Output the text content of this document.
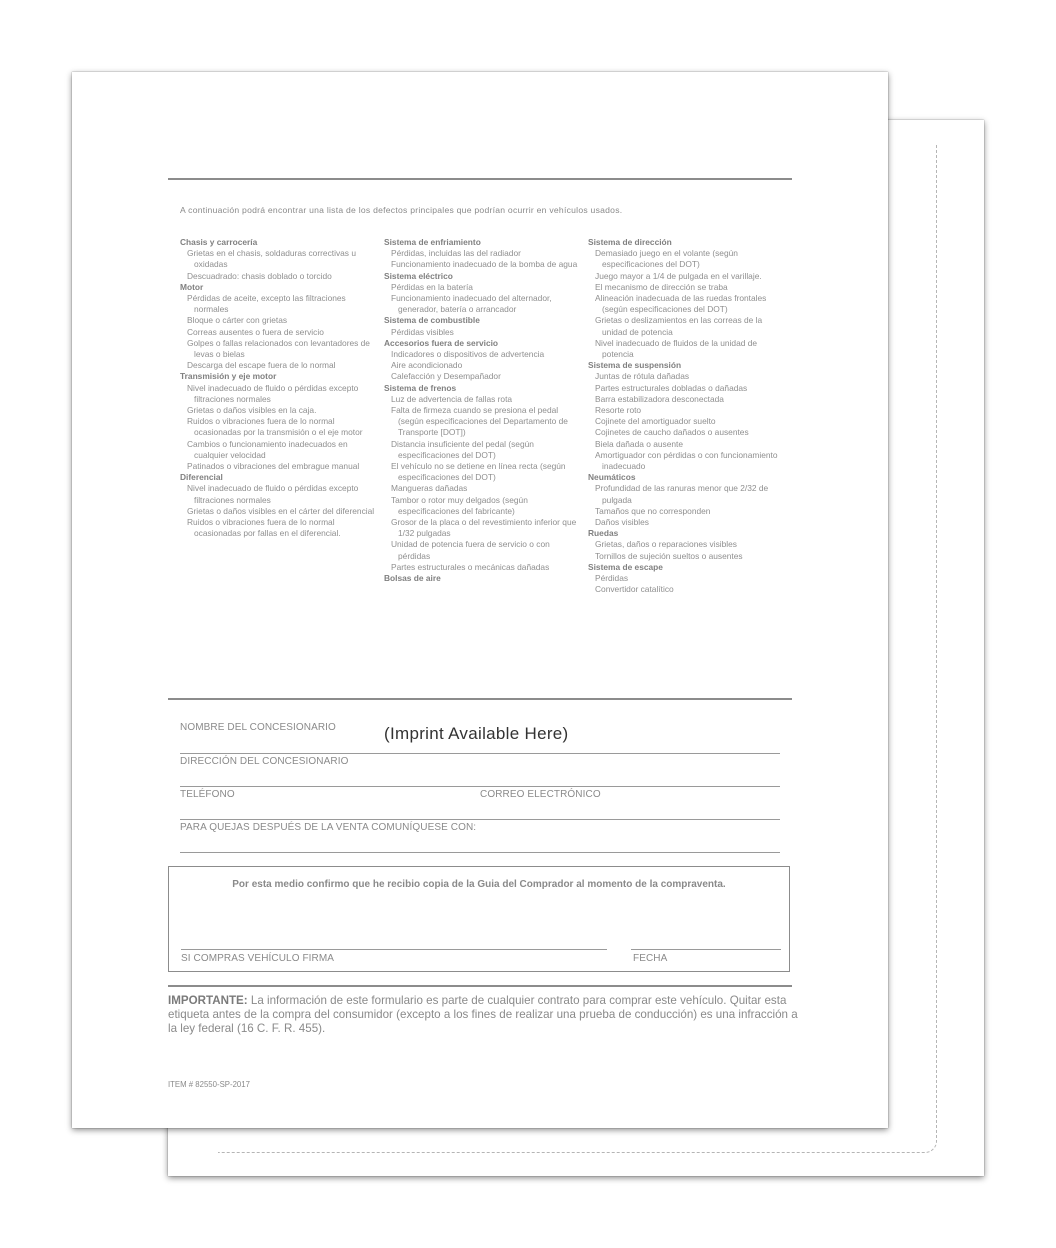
A continuación podrá encontrar una lista de los defectos principales que podrían ocurrir en vehículos usados.
Chasis y carrocería
Grietas en el chasis, soldaduras correctivas u oxidadas
Descuadrado: chasis doblado o torcido
Motor
Pérdidas de aceite, excepto las filtraciones normales
Bloque o cárter con grietas
Correas ausentes o fuera de servicio
Golpes o fallas relacionados con levantadores de levas o bielas
Descarga del escape fuera de lo normal
Transmisión y eje motor
Nivel inadecuado de fluido o pérdidas excepto filtraciones normales
Grietas o daños visibles en la caja.
Ruidos o vibraciones fuera de lo normal ocasionadas por la transmisión o el eje motor
Cambios o funcionamiento inadecuados en cualquier velocidad
Patinados o vibraciones del embrague manual
Diferencial
Nivel inadecuado de fluido o pérdidas excepto filtraciones normales
Grietas o daños visibles en el cárter del diferencial
Ruidos o vibraciones fuera de lo normal ocasionadas por fallas en el diferencial.
Sistema de enfriamiento
Pérdidas, incluidas las del radiador
Funcionamiento inadecuado de la bomba de agua
Sistema eléctrico
Pérdidas en la batería
Funcionamiento inadecuado del alternador, generador, batería o arrancador
Sistema de combustible
Pérdidas visibles
Accesorios fuera de servicio
Indicadores o dispositivos de advertencia
Aire acondicionado
Calefacción y Desempañador
Sistema de frenos
Luz de advertencia de fallas rota
Falta de firmeza cuando se presiona el pedal (según especificaciones del Departamento de Transporte [DOT])
Distancia insuficiente del pedal (según especificaciones del DOT)
El vehículo no se detiene en línea recta (según especificaciones del DOT)
Mangueras dañadas
Tambor o rotor muy delgados (según especificaciones del fabricante)
Grosor de la placa o del revestimiento inferior que 1/32 pulgadas
Unidad de potencia fuera de servicio o con pérdidas
Partes estructurales o mecánicas dañadas
Bolsas de aire
Sistema de dirección
Demasiado juego en el volante (según especificaciones del DOT)
Juego mayor a 1/4 de pulgada en el varillaje.
El mecanismo de dirección se traba
Alineación inadecuada de las ruedas frontales (según especificaciones del DOT)
Grietas o deslizamientos en las correas de la unidad de potencia
Nivel inadecuado de fluidos de la unidad de potencia
Sistema de suspensión
Juntas de rótula dañadas
Partes estructurales dobladas o dañadas
Barra estabilizadora desconectada
Resorte roto
Cojinete del amortiguador suelto
Cojinetes de caucho dañados o ausentes
Biela dañada o ausente
Amortiguador con pérdidas o con funcionamiento inadecuado
Neumáticos
Profundidad de las ranuras menor que 2/32 de pulgada
Tamaños que no corresponden
Daños visibles
Ruedas
Grietas, daños o reparaciones visibles
Tornillos de sujeción sueltos o ausentes
Sistema de escape
Pérdidas
Convertidor catalítico
NOMBRE DEL CONCESIONARIO	(Imprint Available Here)
DIRECCIÓN DEL CONCESIONARIO
TELÉFONO	CORREO ELECTRÓNICO
PARA QUEJAS DESPUÉS DE LA VENTA COMUNÍQUESE CON:
Por esta medio confirmo que he recibio copia de la Guia del Comprador al momento de la compraventa.
SI COMPRAS VEHÍCULO FIRMA	FECHA
IMPORTANTE: La información de este formulario es parte de cualquier contrato para comprar este vehículo. Quitar esta etiqueta antes de la compra del consumidor (excepto a los fines de realizar una prueba de conducción) es una infracción a la ley federal (16 C. F. R. 455).
ITEM # 82550-SP-2017
